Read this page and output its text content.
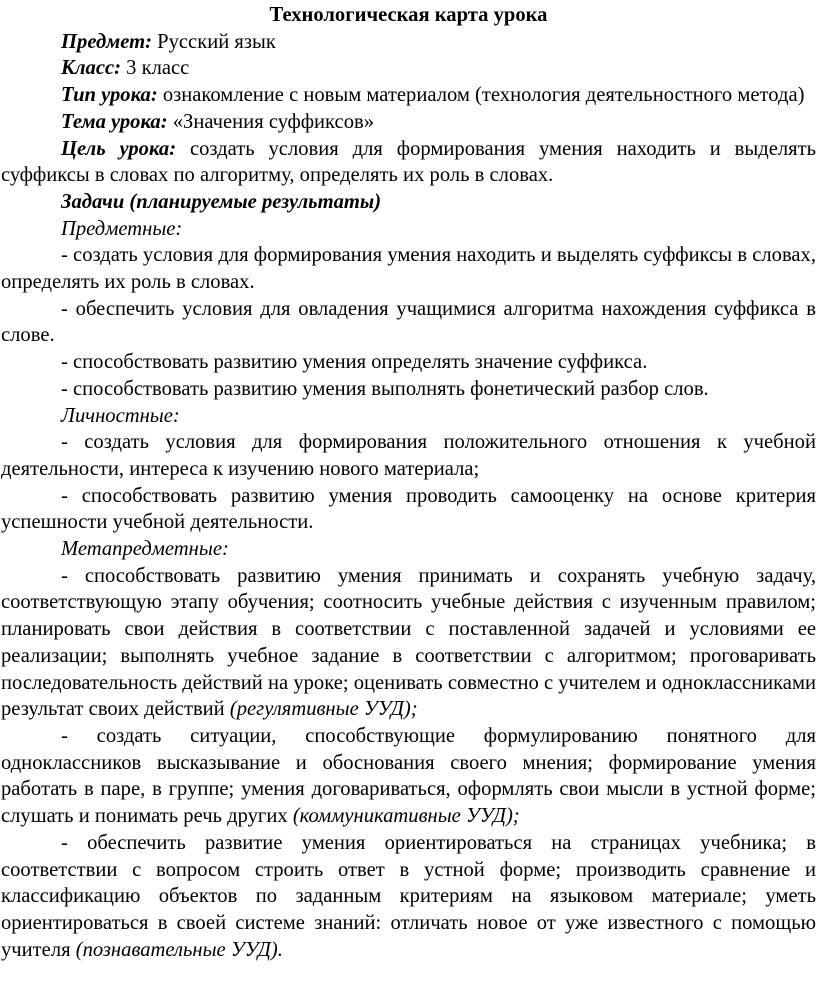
Технологическая карта урока

Предмет: Русский язык

Класс: 3 класс

Тип урока: ознакомление с новым материалом (технология деятельностного метода)

Тема урока: «Значения суффиксов»

Цель урока: создать условия для формирования умения находить и выделять суффиксы в словах по алгоритму, определять их роль в словах.

Задачи (планируемые результаты)

Предметные:

- создать условия для формирования умения находить и выделять суффиксы в словах, определять их роль в словах.

- обеспечить условия для овладения учащимися алгоритма нахождения суффикса в слове.

- способствовать развитию умения определять значение суффикса.

- способствовать развитию умения выполнять фонетический разбор слов.

Личностные:

- создать условия для формирования положительного отношения к учебной деятельности, интереса к изучению нового материала;

- способствовать развитию умения проводить самооценку на основе критерия успешности учебной деятельности.

Метапредметные:

- способствовать развитию умения принимать и сохранять учебную задачу, соответствующую этапу обучения; соотносить учебные действия с изученным правилом; планировать свои действия в соответствии с поставленной задачей и условиями ее реализации; выполнять учебное задание в соответствии с алгоритмом; проговаривать последовательность действий на уроке; оценивать совместно с учителем и одноклассниками результат своих действий (регулятивные УУД);

- создать ситуации, способствующие формулированию понятного для одноклассников высказывание и обоснования своего мнения; формирование умения работать в паре, в группе; умения договариваться, оформлять свои мысли в устной форме; слушать и понимать речь других (коммуникативные УУД);

- обеспечить развитие умения ориентироваться на страницах учебника; в соответствии с вопросом строить ответ в устной форме; производить сравнение и классификацию объектов по заданным критериям на языковом материале; уметь ориентироваться в своей системе знаний: отличать новое от уже известного с помощью учителя (познавательные УУД).
